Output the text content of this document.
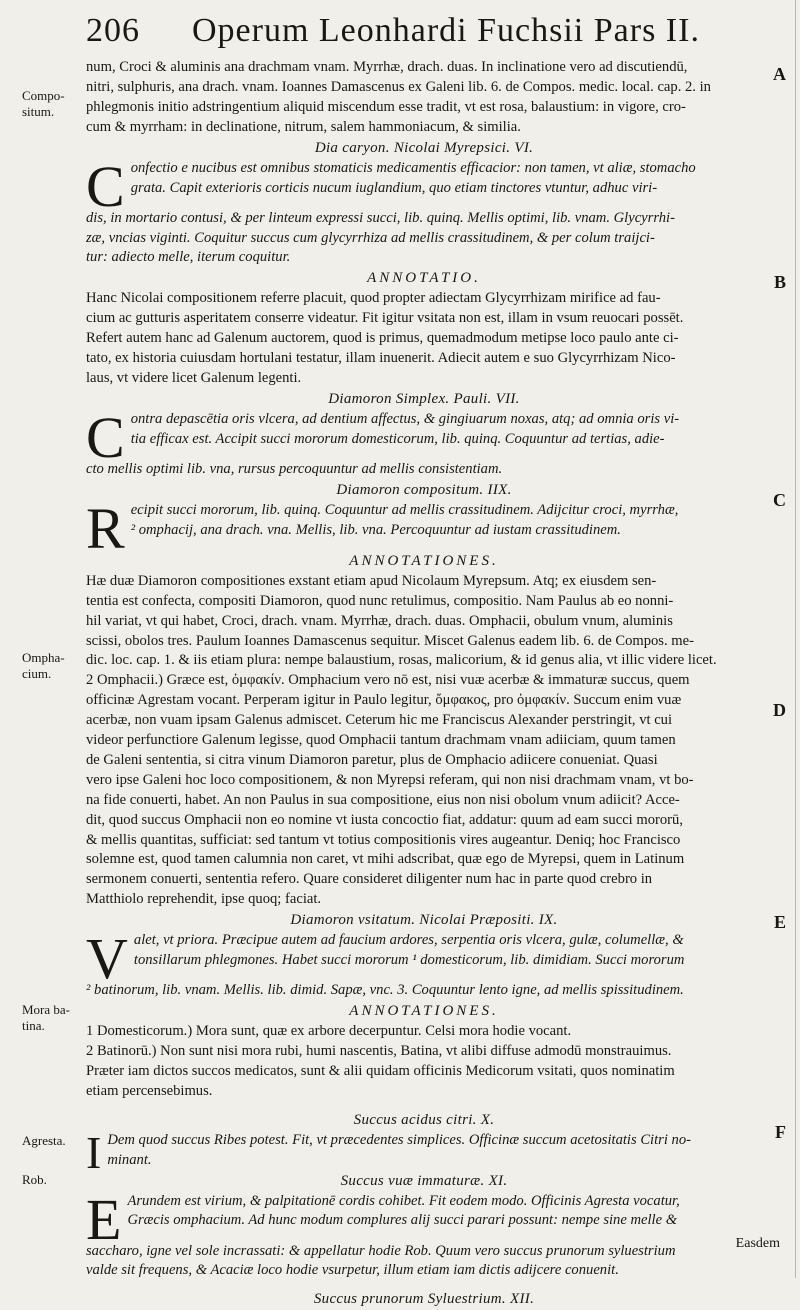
206 Operum Leonhardi Fuchsii Pars II.
Compo-
situm.
Ompha-
cium.
Mora ba-
tina.
Agresta.
Rob.
A
B
C
D
E
F
num, Croci & aluminis ana drachmam vnam. Myrrhæ, drach. duas. In inclinatione vero ad discutiendū,
nitri, sulphuris, ana drach. vnam. Ioannes Damascenus ex Galeni lib. 6. de Compos. medic. local. cap. 2. in
phlegmonis initio adstringentium aliquid miscendum esse tradit, vt est rosa, balaustium: in vigore, cro-
cum & myrrham: in declinatione, nitrum, salem hammoniacum, & similia.
Dia caryon. Nicolai Myrepsici. VI.
C onfectio e nucibus est omnibus stomaticis medicamentis efficacior: non tamen, vt aliæ, stomacho
grata. Capit exterioris corticis nucum iuglandium, quo etiam tinctores vtuntur, adhuc viri-
dis, in mortario contusi, & per linteum expressi succi, lib. quinq. Mellis optimi, lib. vnam. Glycyrrhi-
zæ, vncias viginti. Coquitur succus cum glycyrrhiza ad mellis crassitudinem, & per colum traijci-
tur: adiecto melle, iterum coquitur.
ANNOTATIO.
Hanc Nicolai compositionem referre placuit, quod propter adiectam Glycyrrhizam mirifice ad fau-
cium ac gutturis asperitatem conserre videatur. Fit igitur vsitata non est, illam in vsum reuocari possēt.
Refert autem hanc ad Galenum auctorem, quod is primus, quemadmodum metipse loco paulo ante ci-
tato, ex historia cuiusdam hortulani testatur, illam inuenerit. Adiecit autem e suo Glycyrrhizam Nico-
laus, vt videre licet Galenum legenti.
Diamoron Simplex. Pauli. VII.
C ontra depascētia oris vlcera, ad dentium affectus, & gingiuarum noxas, atq; ad omnia oris vi-
tia efficax est. Accipit succi mororum domesticorum, lib. quinq. Coquuntur ad tertias, adie-
cto mellis optimi lib. vna, rursus percoquuntur ad mellis consistentiam.
Diamoron compositum. IIX.
R ecipit succi mororum, lib. quinq. Coquuntur ad mellis crassitudinem. Adijcitur croci, myrrhæ,
² omphacij, ana drach. vna. Mellis, lib. vna. Percoquuntur ad iustam crassitudinem.
ANNOTATIONES.
Hæ duæ Diamoron compositiones exstant etiam apud Nicolaum Myrepsum. Atq; ex eiusdem sen-
tentia est confecta, compositi Diamoron, quod nunc retulimus, compositio. Nam Paulus ab eo nonni-
hil variat, vt qui habet, Croci, drach. vnam. Myrrhæ, drach. duas. Omphacii, obulum vnum, aluminis
scissi, obolos tres. Paulum Ioannes Damascenus sequitur. Miscet Galenus eadem lib. 6. de Compos. me-
dic. loc. cap. 1. & iis etiam plura: nempe balaustium, rosas, malicorium, & id genus alia, vt illic videre licet.
2 Omphacii.) Græce est, ὀμφακίν. Omphacium vero nō est, nisi vuæ acerbæ & immaturæ succus, quem
officinæ Agrestam vocant. Perperam igitur in Paulo legitur, ὄμφακος, pro ὀμφακίν. Succum enim vuæ
acerbæ, non vuam ipsam Galenus admiscet. Ceterum hic me Franciscus Alexander perstringit, vt cui
videor perfunctiore Galenum legisse, quod Omphacii tantum drachmam vnam adiiciam, quum tamen
de Galeni sententia, si citra vinum Diamoron paretur, plus de Omphacio adiicere conueniat. Quasi
vero ipse Galeni hoc loco compositionem, & non Myrepsi referam, qui non nisi drachmam vnam, vt bo-
na fide conuerti, habet. An non Paulus in sua compositione, eius non nisi obolum vnum adiicit? Acce-
dit, quod succus Omphacii non eo nomine vt iusta concoctio fiat, addatur: quum ad eam succi mororū,
& mellis quantitas, sufficiat: sed tantum vt totius compositionis vires augeantur. Deniq; hoc Francisco
solemne est, quod tamen calumnia non caret, vt mihi adscribat, quæ ego de Myrepsi, quem in Latinum
sermonem conuerti, sententia refero. Quare consideret diligenter num hac in parte quod crebro in
Matthiolo reprehendit, ipse quoq; faciat.
Diamoron vsitatum. Nicolai Præpositi. IX.
V alet, vt priora. Præcipue autem ad faucium ardores, serpentia oris vlcera, gulæ, columellæ, &
tonsillarum phlegmones. Habet succi mororum ¹ domesticorum, lib. dimidiam. Succi mororum
² batinorum, lib. vnam. Mellis. lib. dimid. Sapæ, vnc. 3. Coquuntur lento igne, ad mellis spissitudinem.
ANNOTATIONES.
1 Domesticorum.) Mora sunt, quæ ex arbore decerpuntur. Celsi mora hodie vocant.
2 Batinorū.) Non sunt nisi mora rubi, humi nascentis, Batina, vt alibi diffuse admodū monstrauimus.
Præter iam dictos succos medicatos, sunt & alii quidam officinis Medicorum vsitati, quos nominatim
etiam percensebimus.
Succus acidus citri. X.
I Dem quod succus Ribes potest. Fit, vt præcedentes simplices. Officinæ succum acetositatis Citri no-
minant.
Succus vuæ immaturæ. XI.
E Arundem est virium, & palpitationē cordis cohibet. Fit eodem modo. Officinis Agresta vocatur,
Græcis omphacium. Ad hunc modum complures alij succi parari possunt: nempe sine melle &
saccharo, igne vel sole incrassati: & appellatur hodie Rob. Quum vero succus prunorum syluestrium
valde sit frequens, & Acaciæ loco hodie vsurpetur, illum etiam iam dictis adijcere conuenit.
Succus prunorum Syluestrium. XII.
Easdem
